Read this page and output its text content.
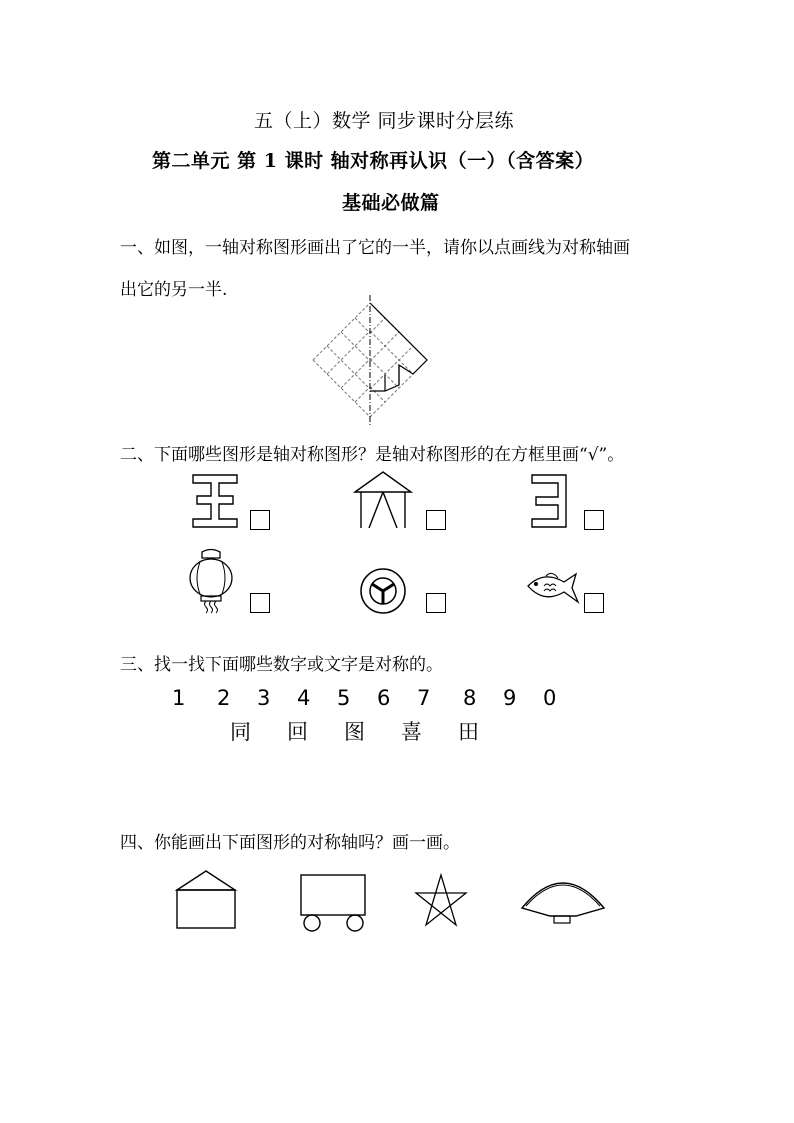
五（上）数学 同步课时分层练
第二单元 第 1 课时 轴对称再认识（一）（含答案）
基础必做篇
一、如图，一轴对称图形画出了它的一半，请你以点画线为对称轴画
出它的另一半.
二、下面哪些图形是轴对称图形？是轴对称图形的在方框里画“√”。
三、找一找下面哪些数字或文字是对称的。
1 2 3 4 5 6 7 8 9 0
同 回 图 喜 田
四、你能画出下面图形的对称轴吗？画一画。
